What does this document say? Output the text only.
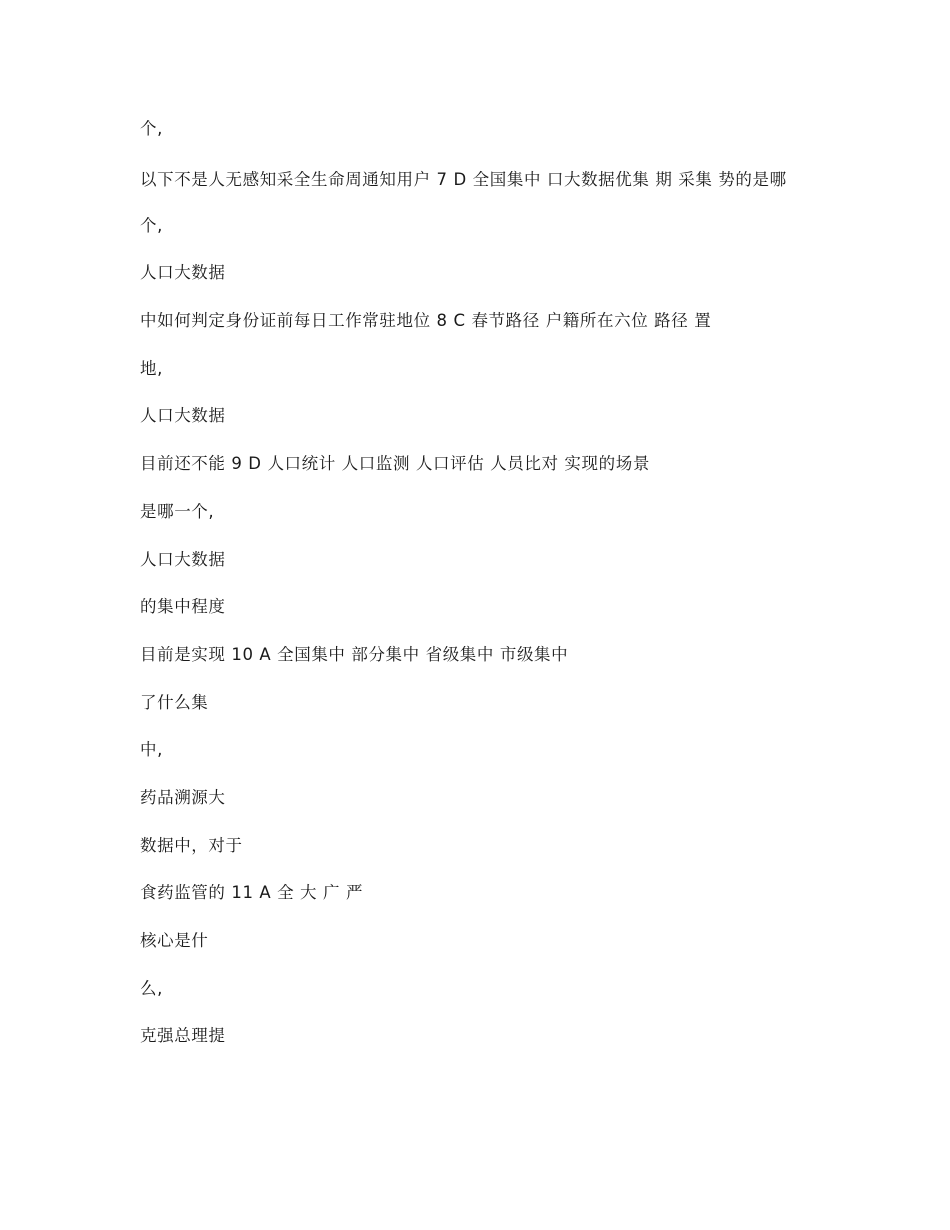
个,
以下不是人无感知采全生命周通知用户 7 D 全国集中 口大数据优集 期 采集 势的是哪
个,
人口大数据
中如何判定身份证前每日工作常驻地位 8 C 春节路径 户籍所在六位 路径 置
地,
人口大数据
目前还不能 9 D 人口统计 人口监测 人口评估 人员比对 实现的场景
是哪一个,
人口大数据
的集中程度
目前是实现 10 A 全国集中 部分集中 省级集中 市级集中
了什么集
中,
药品溯源大
数据中，对于
食药监管的 11 A 全 大 广 严
核心是什
么,
克强总理提
